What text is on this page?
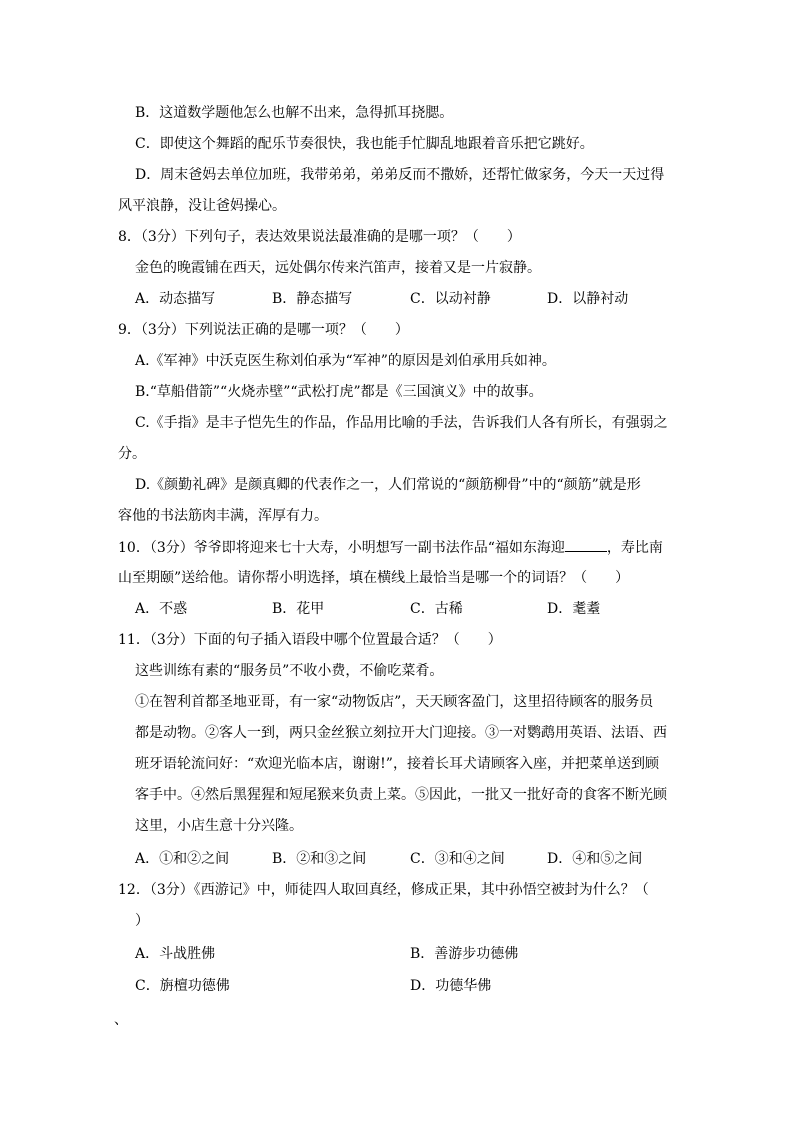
B．这道数学题他怎么也解不出来，急得抓耳挠腮。
C．即使这个舞蹈的配乐节奏很快，我也能手忙脚乱地跟着音乐把它跳好。
D．周末爸妈去单位加班，我带弟弟，弟弟反而不撒娇，还帮忙做家务，今天一天过得
风平浪静，没让爸妈操心。
8．（3分）下列句子，表达效果说法最准确的是哪一项？（　　）
金色的晚霞铺在西天，远处偶尔传来汽笛声，接着又是一片寂静。
A．动态描写	B．静态描写	C．以动衬静	D．以静衬动
9．（3分）下列说法正确的是哪一项？（　　）
A.《军神》中沃克医生称刘伯承为“军神”的原因是刘伯承用兵如神。
B.“草船借箭”“火烧赤壁”“武松打虎”都是《三国演义》中的故事。
C.《手指》是丰子恺先生的作品，作品用比喻的手法，告诉我们人各有所长，有强弱之
分。
D.《颜勤礼碑》是颜真卿的代表作之一，人们常说的“颜筋柳骨”中的“颜筋”就是形
容他的书法筋肉丰满，浑厚有力。
10．（3分）爷爷即将迎来七十大寿，小明想写一副书法作品“福如东海迎	，寿比南
山至期颐”送给他。请你帮小明选择，填在横线上最恰当是哪一个的词语？（　　）
A．不惑	B．花甲	C．古稀	D．耄耋
11．（3分）下面的句子插入语段中哪个位置最合适？（　　）
这些训练有素的“服务员”不收小费，不偷吃菜肴。
①在智利首都圣地亚哥，有一家“动物饭店”，天天顾客盈门，这里招待顾客的服务员
都是动物。②客人一到，两只金丝猴立刻拉开大门迎接。③一对鹦鹉用英语、法语、西
班牙语轮流问好：“欢迎光临本店，谢谢!”，接着长耳犬请顾客入座，并把菜单送到顾
客手中。④然后黑猩猩和短尾猴来负责上菜。⑤因此，一批又一批好奇的食客不断光顾
这里，小店生意十分兴隆。
A．①和②之间	B．②和③之间	C．③和④之间	D．④和⑤之间
12．（3分）《西游记》中，师徒四人取回真经，修成正果，其中孙悟空被封为什么？（
）
A．斗战胜佛	B．善游步功德佛
C．旃檀功德佛	D．功德华佛
、
